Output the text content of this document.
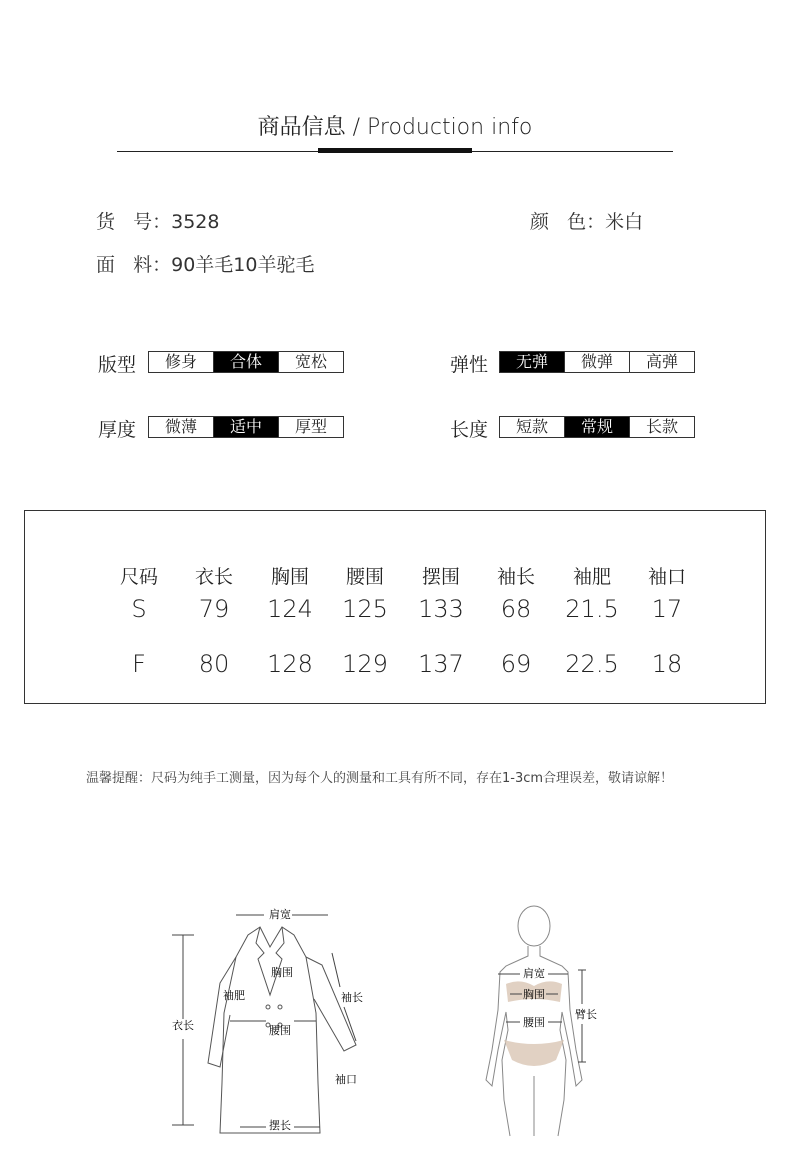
商品信息 / Production info
货   号：3528	颜   色：米白
面   料：90羊毛10羊驼毛
版型	修身	合体	宽松	弹性	无弹	微弹	高弹
厚度	微薄	适中	厚型	长度	短款	常规	长款
尺码	衣长	胸围	腰围	摆围	袖长	袖肥	袖口
S	79	124	125	133	68	21.5	17
F	80	128	129	137	69	22.5	18
温馨提醒：尺码为纯手工测量，因为每个人的测量和工具有所不同，存在1-3cm合理误差，敬请谅解！
肩宽
胸围
袖肥	袖长
衣长	腰围
袖口
摆长
肩宽
胸围
腰围
臂长
